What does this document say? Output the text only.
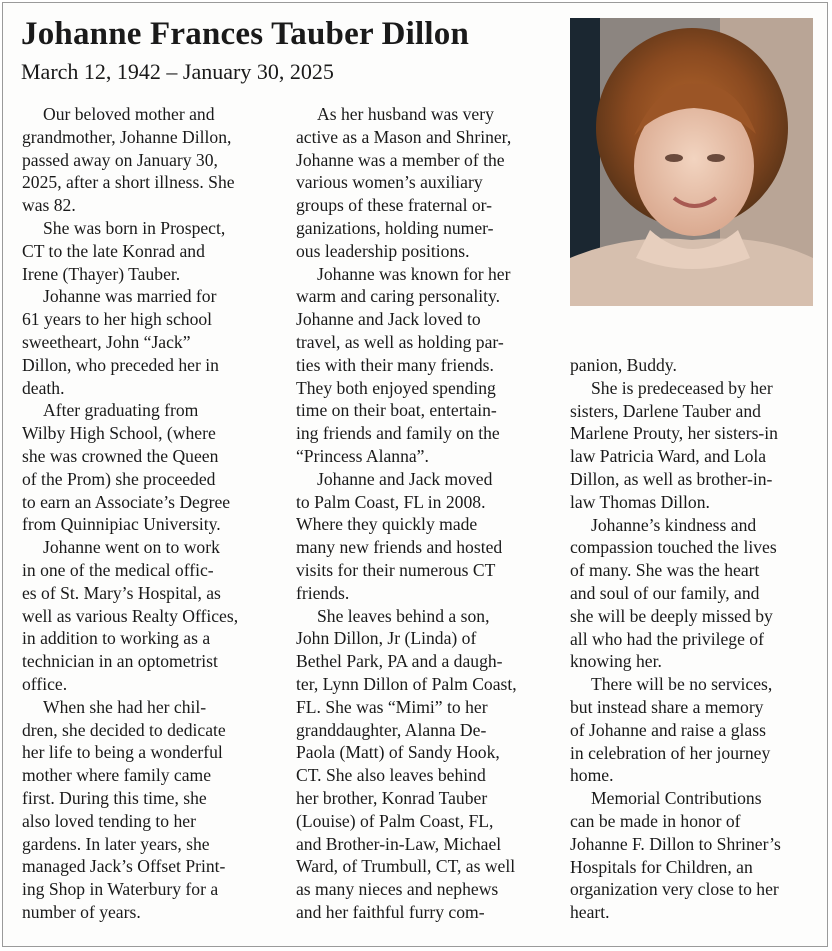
Johanne Frances Tauber Dillon
March 12, 1942 – January 30, 2025
Our beloved mother and
grandmother, Johanne Dillon,
passed away on January 30,
2025, after a short illness. She
was 82.
She was born in Prospect,
CT to the late Konrad and
Irene (Thayer) Tauber.
Johanne was married for
61 years to her high school
sweetheart, John “Jack”
Dillon, who preceded her in
death.
After graduating from
Wilby High School, (where
she was crowned the Queen
of the Prom) she proceeded
to earn an Associate’s Degree
from Quinnipiac University.
Johanne went on to work
in one of the medical offic-
es of St. Mary’s Hospital, as
well as various Realty Offices,
in addition to working as a
technician in an optometrist
office.
When she had her chil-
dren, she decided to dedicate
her life to being a wonderful
mother where family came
first. During this time, she
also loved tending to her
gardens. In later years, she
managed Jack’s Offset Print-
ing Shop in Waterbury for a
number of years.
As her husband was very
active as a Mason and Shriner,
Johanne was a member of the
various women’s auxiliary
groups of these fraternal or-
ganizations, holding numer-
ous leadership positions.
Johanne was known for her
warm and caring personality.
Johanne and Jack loved to
travel, as well as holding par-
ties with their many friends.
They both enjoyed spending
time on their boat, entertain-
ing friends and family on the
“Princess Alanna”.
Johanne and Jack moved
to Palm Coast, FL in 2008.
Where they quickly made
many new friends and hosted
visits for their numerous CT
friends.
She leaves behind a son,
John Dillon, Jr (Linda) of
Bethel Park, PA and a daugh-
ter, Lynn Dillon of Palm Coast,
FL. She was “Mimi” to her
granddaughter, Alanna De-
Paola (Matt) of Sandy Hook,
CT. She also leaves behind
her brother, Konrad Tauber
(Louise) of Palm Coast, FL,
and Brother-in-Law, Michael
Ward, of Trumbull, CT, as well
as many nieces and nephews
and her faithful furry com-
panion, Buddy.
She is predeceased by her
sisters, Darlene Tauber and
Marlene Prouty, her sisters-in
law Patricia Ward, and Lola
Dillon, as well as brother-in-
law Thomas Dillon.
Johanne’s kindness and
compassion touched the lives
of many. She was the heart
and soul of our family, and
she will be deeply missed by
all who had the privilege of
knowing her.
There will be no services,
but instead share a memory
of Johanne and raise a glass
in celebration of her journey
home.
Memorial Contributions
can be made in honor of
Johanne F. Dillon to Shriner’s
Hospitals for Children, an
organization very close to her
heart.
